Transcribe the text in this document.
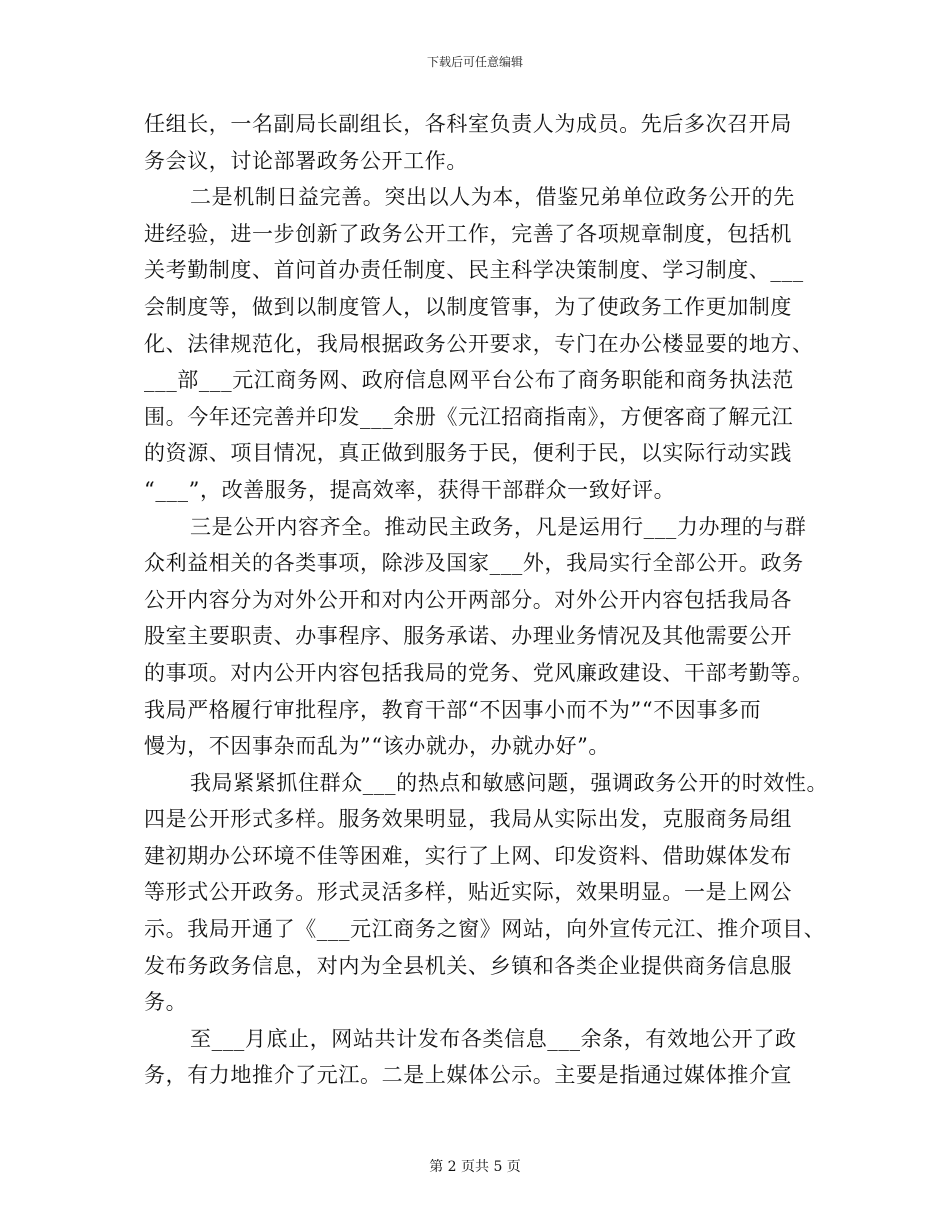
下载后可任意编辑
任组长，一名副局长副组长，各科室负责人为成员。先后多次召开局
务会议，讨论部署政务公开工作。
二是机制日益完善。突出以人为本，借鉴兄弟单位政务公开的先
进经验，进一步创新了政务公开工作，完善了各项规章制度，包括机
关考勤制度、首问首办责任制度、民主科学决策制度、学习制度、___
会制度等，做到以制度管人，以制度管事，为了使政务工作更加制度
化、法律规范化，我局根据政务公开要求，专门在办公楼显要的地方、
___部___元江商务网、政府信息网平台公布了商务职能和商务执法范
围。今年还完善并印发___余册《元江招商指南》，方便客商了解元江
的资源、项目情况，真正做到服务于民，便利于民，以实际行动实践
“___”，改善服务，提高效率，获得干部群众一致好评。
三是公开内容齐全。推动民主政务，凡是运用行___力办理的与群
众利益相关的各类事项，除涉及国家___外，我局实行全部公开。政务
公开内容分为对外公开和对内公开两部分。对外公开内容包括我局各
股室主要职责、办事程序、服务承诺、办理业务情况及其他需要公开
的事项。对内公开内容包括我局的党务、党风廉政建设、干部考勤等。
我局严格履行审批程序，教育干部“不因事小而不为”“不因事多而
慢为，不因事杂而乱为”“该办就办，办就办好”。
我局紧紧抓住群众___的热点和敏感问题，强调政务公开的时效性。
四是公开形式多样。服务效果明显，我局从实际出发，克服商务局组
建初期办公环境不佳等困难，实行了上网、印发资料、借助媒体发布
等形式公开政务。形式灵活多样，贴近实际，效果明显。一是上网公
示。我局开通了《___元江商务之窗》网站，向外宣传元江、推介项目、
发布务政务信息，对内为全县机关、乡镇和各类企业提供商务信息服
务。
至___月底止，网站共计发布各类信息___余条，有效地公开了政
务，有力地推介了元江。二是上媒体公示。主要是指通过媒体推介宣
第 2 页共 5 页
